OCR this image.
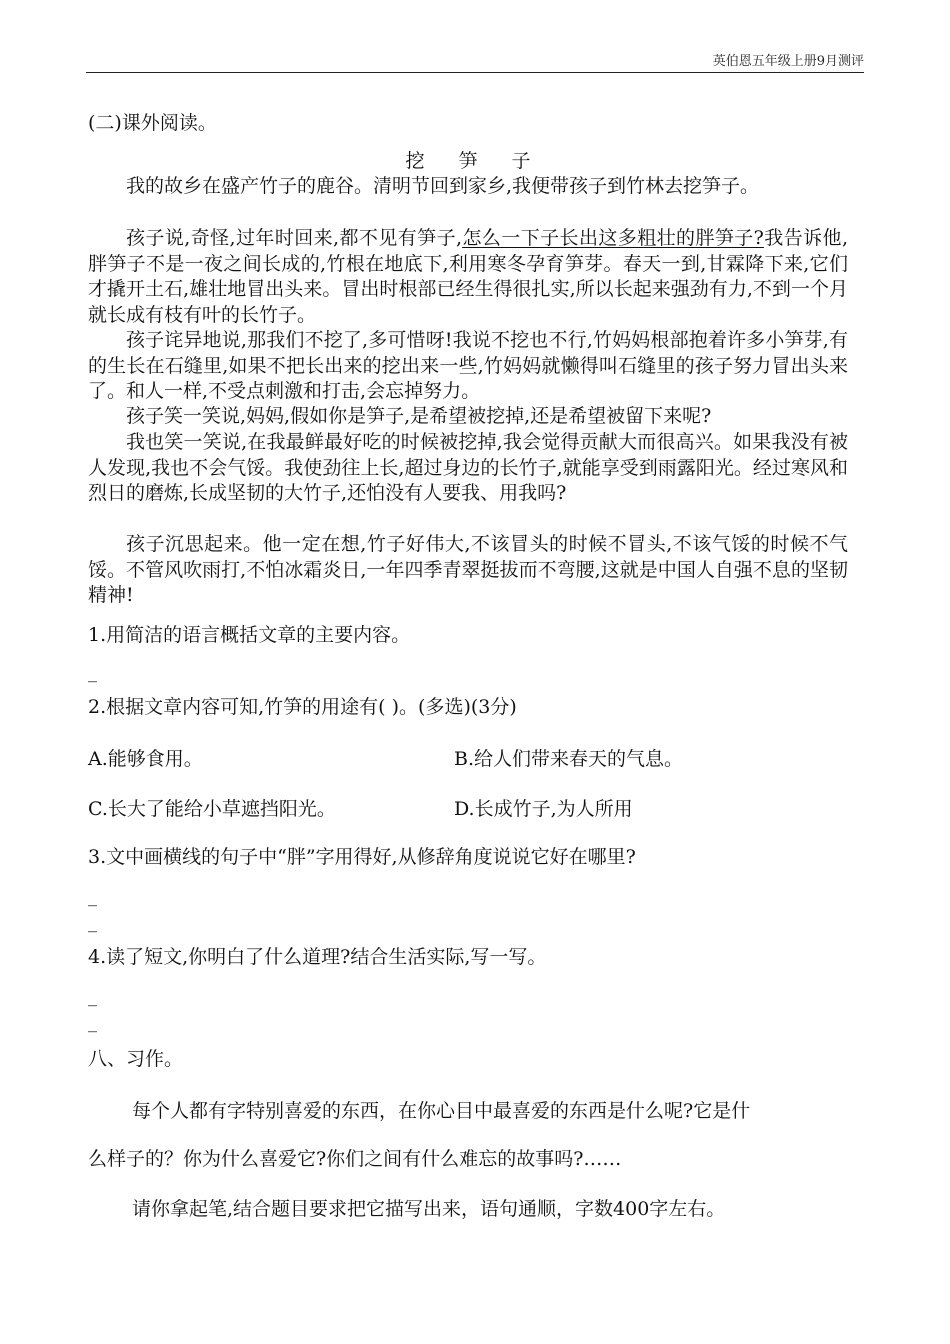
英伯恩五年级上册9月测评
(二)课外阅读。
挖 笋 子
我的故乡在盛产竹子的鹿谷。清明节回到家乡,我便带孩子到竹林去挖笋子。
孩子说,奇怪,过年时回来,都不见有笋子,怎么一下子长出这多粗壮的胖笋子?我告诉他,胖笋子不是一夜之间长成的,竹根在地底下,利用寒冬孕育笋芽。春天一到,甘霖降下来,它们才撬开土石,雄壮地冒出头来。冒出时根部已经生得很扎实,所以长起来强劲有力,不到一个月就长成有枝有叶的长竹子。
孩子诧异地说,那我们不挖了,多可惜呀!我说不挖也不行,竹妈妈根部抱着许多小笋芽,有的生长在石缝里,如果不把长出来的挖出来一些,竹妈妈就懒得叫石缝里的孩子努力冒出头来了。和人一样,不受点刺激和打击,会忘掉努力。
孩子笑一笑说,妈妈,假如你是笋子,是希望被挖掉,还是希望被留下来呢?
我也笑一笑说,在我最鲜最好吃的时候被挖掉,我会觉得贡献大而很高兴。如果我没有被人发现,我也不会气馁。我使劲往上长,超过身边的长竹子,就能享受到雨露阳光。经过寒风和烈日的磨炼,长成坚韧的大竹子,还怕没有人要我、用我吗?
孩子沉思起来。他一定在想,竹子好伟大,不该冒头的时候不冒头,不该气馁的时候不气馁。不管风吹雨打,不怕冰霜炎日,一年四季青翠挺拔而不弯腰,这就是中国人自强不息的坚韧精神!
1.用简洁的语言概括文章的主要内容。
_
2.根据文章内容可知,竹笋的用途有( )。(多选)(3分)
A.能够食用。	B.给人们带来春天的气息。
C.长大了能给小草遮挡阳光。	D.长成竹子,为人所用
3.文中画横线的句子中“胖”字用得好,从修辞角度说说它好在哪里?
_
_
4.读了短文,你明白了什么道理?结合生活实际,写一写。
_
_
八、习作。
每个人都有字特别喜爱的东西，在你心目中最喜爱的东西是什么呢?它是什
么样子的？你为什么喜爱它?你们之间有什么难忘的故事吗?……
请你拿起笔,结合题目要求把它描写出来，语句通顺，字数400字左右。
